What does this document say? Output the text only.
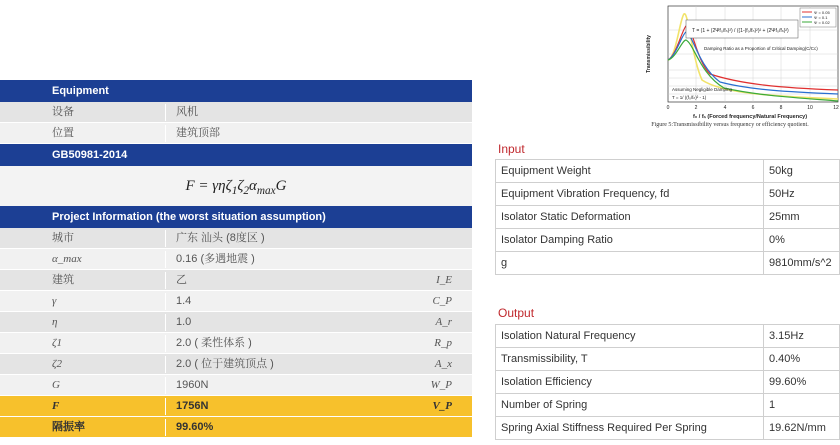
Equipment
设备	风机
位置	建筑顶部
GB50981-2014
$F = \gamma\eta\zeta_1\zeta_2\alpha_{max}G$
Project Information (the worst situation assumption)
城市	广东 汕头 (8度区 )
α_max	0.16 (多遇地震 )
建筑	乙	I_E
γ	1.4	C_P
η	1.0	A_r
ζ1	2.0 ( 柔性体系 )	R_p
ζ2	2.0 ( 位于建筑顶点 )	A_x
G	1960N	W_P
F	1756N	V_P
隔振率	99.60%
T = (1 + (2Ψf₀/fₙ)²) / ((1-(f₀/fₙ)²)² + (2Ψf₀/fₙ)²)
Damping Ratio as a Proportion of Critical Damping(C/Cc)
Assuming Negligible Damping
T = 1/ ((f₀/fₙ)² - 1)
Ψ = 0.05
Ψ = 0.1
Ψ = 0.02
0	2	4	6	8	10	12
f₀ / fₙ (Forced frequency/Natural Frequency)
Transmissibility
Figure 5:Transmissibility versus frequency or efficiency quotient.
Input
Equipment Weight	50kg
Equipment Vibration Frequency, fd	50Hz
Isolator Static Deformation	25mm
Isolator Damping Ratio	0%
g	9810mm/s^2
Output
Isolation Natural Frequency	3.15Hz
Transmissibility, T	0.40%
Isolation Efficiency	99.60%
Number of Spring	1
Spring Axial Stiffness Required Per Spring	19.62N/mm
